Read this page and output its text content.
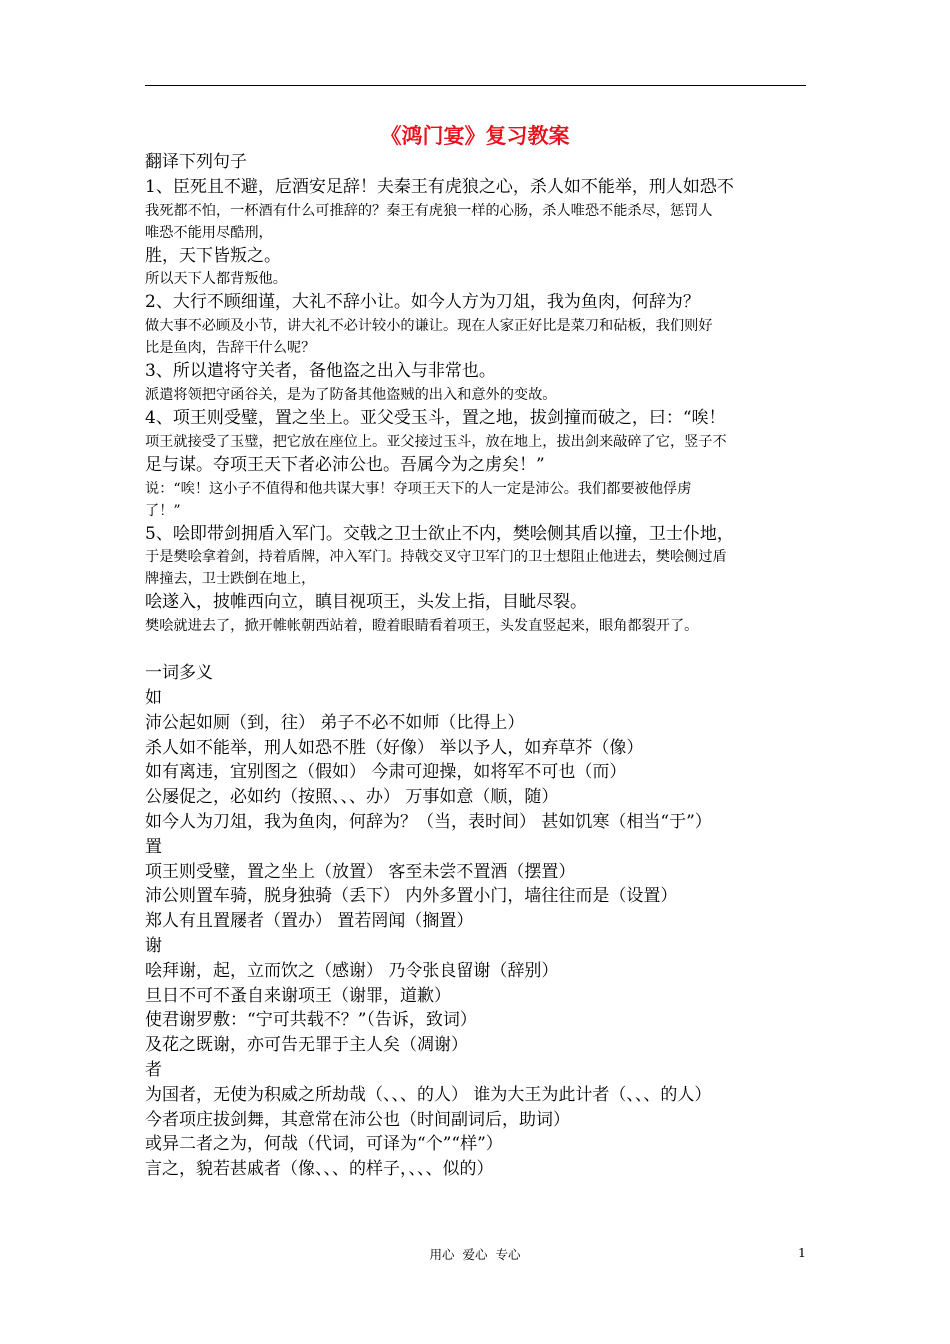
《鸿门宴》复习教案
翻译下列句子
1、臣死且不避，卮酒安足辞！夫秦王有虎狼之心，杀人如不能举，刑人如恐不
我死都不怕，一杯酒有什么可推辞的？秦王有虎狼一样的心肠，杀人唯恐不能杀尽，惩罚人
唯恐不能用尽酷刑，
胜，天下皆叛之。
所以天下人都背叛他。
2、大行不顾细谨，大礼不辞小让。如今人方为刀俎，我为鱼肉，何辞为？
做大事不必顾及小节，讲大礼不必计较小的谦让。现在人家正好比是菜刀和砧板，我们则好
比是鱼肉，告辞干什么呢？
3、所以遣将守关者，备他盗之出入与非常也。
派遣将领把守函谷关，是为了防备其他盗贼的出入和意外的变故。
4、项王则受璧，置之坐上。亚父受玉斗，置之地，拔剑撞而破之，曰：“唉！
项王就接受了玉璧，把它放在座位上。亚父接过玉斗，放在地上，拔出剑来敲碎了它，竖子不
足与谋。夺项王天下者必沛公也。吾属今为之虏矣！”
说：“唉！这小子不值得和他共谋大事！夺项王天下的人一定是沛公。我们都要被他俘虏
了！”
5、哙即带剑拥盾入军门。交戟之卫士欲止不内，樊哙侧其盾以撞，卫士仆地，
于是樊哙拿着剑，持着盾牌，冲入军门。持戟交叉守卫军门的卫士想阻止他进去，樊哙侧过盾
牌撞去，卫士跌倒在地上，
哙遂入，披帷西向立，瞋目视项王，头发上指，目眦尽裂。
樊哙就进去了，掀开帷帐朝西站着，瞪着眼睛看着项王，头发直竖起来，眼角都裂开了。
一词多义
如
沛公起如厕（到，往） 弟子不必不如师（比得上）
杀人如不能举，刑人如恐不胜（好像） 举以予人，如弃草芥（像）
如有离违，宜别图之（假如） 今肃可迎操，如将军不可也（而）
公屡促之，必如约（按照、、、办） 万事如意（顺，随）
如今人为刀俎，我为鱼肉，何辞为？（当，表时间） 甚如饥寒（相当“于”）
置
项王则受璧，置之坐上（放置） 客至未尝不置酒（摆置）
沛公则置车骑，脱身独骑（丢下） 内外多置小门，墙往往而是（设置）
郑人有且置屦者（置办） 置若罔闻（搁置）
谢
哙拜谢，起，立而饮之（感谢） 乃令张良留谢（辞别）
旦日不可不蚤自来谢项王（谢罪，道歉）
使君谢罗敷：“宁可共载不？”（告诉，致词）
及花之既谢，亦可告无罪于主人矣（凋谢）
者
为国者，无使为积威之所劫哉（、、、的人） 谁为大王为此计者（、、、的人）
今者项庄拔剑舞，其意常在沛公也（时间副词后，助词）
或异二者之为，何哉（代词，可译为“个”“样”）
言之，貌若甚戚者（像、、、的样子，、、、似的）
用心  爱心  专心	1
